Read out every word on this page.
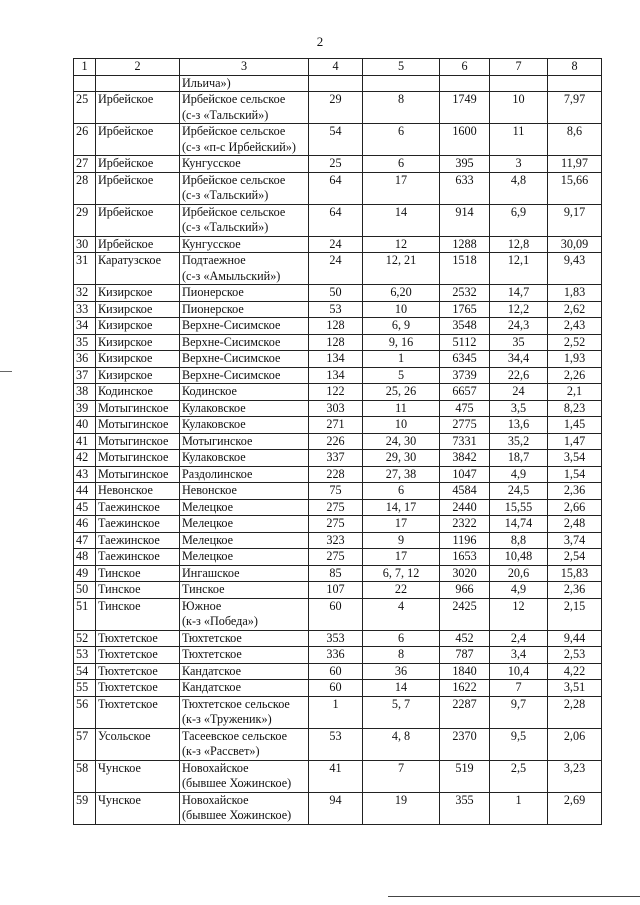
2
1	2	3	4	5	6	7	8

		Ильича»)					

25	Ирбейское	Ирбейское сельское
(с-з «Тальский»)	29	8	1749	10	7,97
26	Ирбейское	Ирбейское сельское
(с-з «п-с Ирбейский»)	54	6	1600	11	8,6
27	Ирбейское	Кунгусское	25	6	395	3	11,97
28	Ирбейское	Ирбейское сельское
(с-з «Тальский»)	64	17	633	4,8	15,66
29	Ирбейское	Ирбейское сельское
(с-з «Тальский»)	64	14	914	6,9	9,17
30	Ирбейское	Кунгусское	24	12	1288	12,8	30,09
31	Каратузское	Подтаежное
(с-з «Амыльский»)	24	12, 21	1518	12,1	9,43
32	Кизирское	Пионерское	50	6,20	2532	14,7	1,83
33	Кизирское	Пионерское	53	10	1765	12,2	2,62
34	Кизирское	Верхне-Сисимское	128	6, 9	3548	24,3	2,43
35	Кизирское	Верхне-Сисимское	128	9, 16	5112	35	2,52
36	Кизирское	Верхне-Сисимское	134	1	6345	34,4	1,93
37	Кизирское	Верхне-Сисимское	134	5	3739	22,6	2,26
38	Кодинское	Кодинское	122	25, 26	6657	24	2,1
39	Мотыгинское	Кулаковское	303	11	475	3,5	8,23
40	Мотыгинское	Кулаковское	271	10	2775	13,6	1,45
41	Мотыгинское	Мотыгинское	226	24, 30	7331	35,2	1,47
42	Мотыгинское	Кулаковское	337	29, 30	3842	18,7	3,54
43	Мотыгинское	Раздолинское	228	27, 38	1047	4,9	1,54
44	Невонское	Невонское	75	6	4584	24,5	2,36
45	Таежинское	Мелецкое	275	14, 17	2440	15,55	2,66
46	Таежинское	Мелецкое	275	17	2322	14,74	2,48
47	Таежинское	Мелецкое	323	9	1196	8,8	3,74
48	Таежинское	Мелецкое	275	17	1653	10,48	2,54
49	Тинское	Ингашское	85	6, 7, 12	3020	20,6	15,83
50	Тинское	Тинское	107	22	966	4,9	2,36
51	Тинское	Южное
(к-з «Победа»)	60	4	2425	12	2,15
52	Тюхтетское	Тюхтетское	353	6	452	2,4	9,44
53	Тюхтетское	Тюхтетское	336	8	787	3,4	2,53
54	Тюхтетское	Кандатское	60	36	1840	10,4	4,22
55	Тюхтетское	Кандатское	60	14	1622	7	3,51
56	Тюхтетское	Тюхтетское сельское
(к-з «Труженик»)	1	5, 7	2287	9,7	2,28
57	Усольское	Тасеевское сельское
(к-з «Рассвет»)	53	4, 8	2370	9,5	2,06
58	Чунское	Новохайское
(бывшее Хожинское)	41	7	519	2,5	3,23
59	Чунское	Новохайское
(бывшее Хожинское)	94	19	355	1	2,69
